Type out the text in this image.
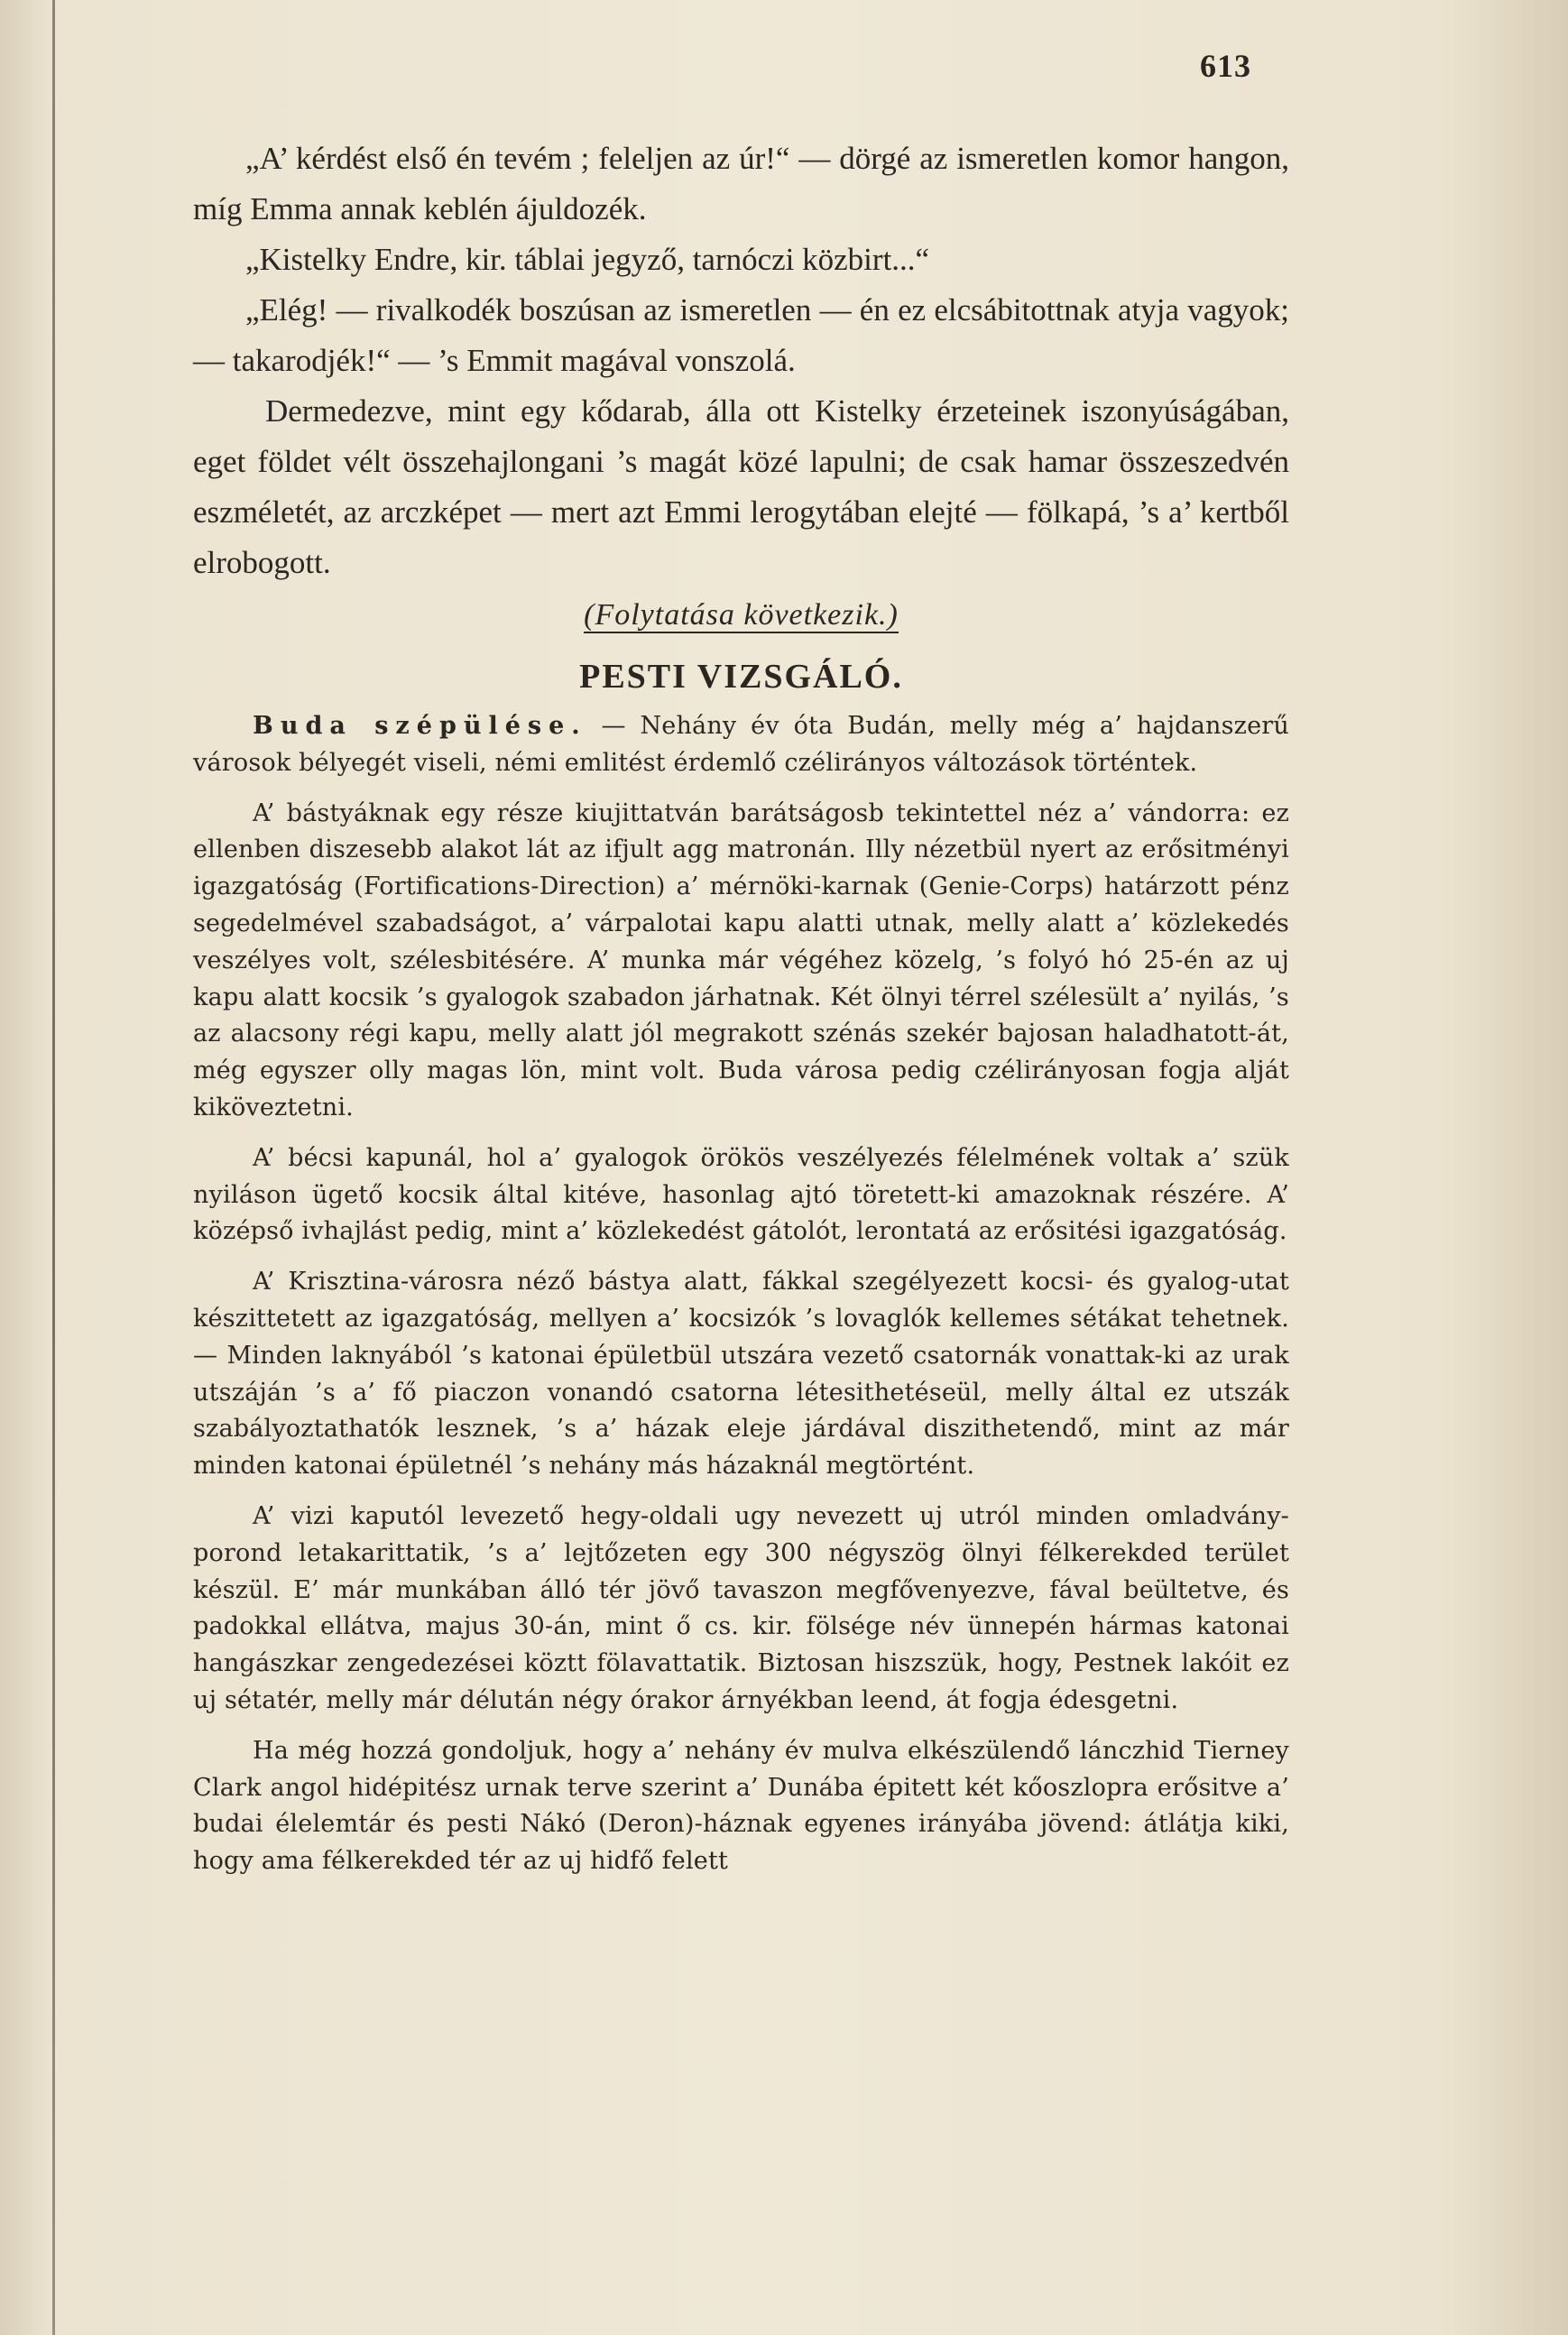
613

„A’ kérdést első én tevém ; feleljen az úr!“ — dörgé az ismeretlen komor hangon, míg Emma annak keblén ájuldozék.

„Kistelky Endre, kir. táblai jegyző, tarnóczi közbirt...“

„Elég! — rivalkodék boszúsan az ismeretlen — én ez elcsábitottnak atyja vagyok; — takarodjék!“ — ’s Emmit magával vonszolá.

Dermedezve, mint egy kődarab, álla ott Kistelky érzeteinek iszonyúságában, eget földet vélt összehajlongani ’s magát közé lapulni; de csak hamar összeszedvén eszméletét, az arczképet — mert azt Emmi lerogytában elejté — fölkapá, ’s a’ kertből elrobogott.

(Folytatása következik.)
PESTI VIZSGÁLÓ.

Buda szépülése. — Nehány év óta Budán, melly még a’ hajdanszerű városok bélyegét viseli, némi emlitést érdemlő czélirányos változások történtek.

A’ bástyáknak egy része kiujittatván barátságosb tekintettel néz a’ vándorra: ez ellenben diszesebb alakot lát az ifjult agg matronán. Illy nézetbül nyert az erősitményi igazgatóság (Fortifications-Direction) a’ mérnöki-karnak (Genie-Corps) határzott pénz segedelmével szabadságot, a’ várpalotai kapu alatti utnak, melly alatt a’ közlekedés veszélyes volt, szélesbitésére. A’ munka már végéhez közelg, ’s folyó hó 25-én az uj kapu alatt kocsik ’s gyalogok szabadon járhatnak. Két ölnyi térrel szélesült a’ nyilás, ’s az alacsony régi kapu, melly alatt jól megrakott szénás szekér bajosan haladhatott-át, még egyszer olly magas lön, mint volt. Buda városa pedig czélirányosan fogja alját kiköveztetni.

A’ bécsi kapunál, hol a’ gyalogok örökös veszélyezés félelmének voltak a’ szük nyiláson ügető kocsik által kitéve, hasonlag ajtó töretett-ki amazoknak részére. A’ középső ivhajlást pedig, mint a’ közlekedést gátolót, lerontatá az erősitési igazgatóság.

A’ Krisztina-városra néző bástya alatt, fákkal szegélyezett kocsi- és gyalog-utat készittetett az igazgatóság, mellyen a’ kocsizók ’s lovaglók kellemes sétákat tehetnek. — Minden laknyából ’s katonai épületbül utszára vezető csatornák vonattak-ki az urak utszáján ’s a’ fő piaczon vonandó csatorna létesithetéseül, melly által ez utszák szabályoztathatók lesznek, ’s a’ házak eleje járdával diszithetendő, mint az már minden katonai épületnél ’s nehány más házaknál megtörtént.

A’ vizi kaputól levezető hegy-oldali ugy nevezett uj utról minden omladvány-porond letakarittatik, ’s a’ lejtőzeten egy 300 négyszög ölnyi félkerekded terület készül. E’ már munkában álló tér jövő tavaszon megfővenyezve, fával beültetve, és padokkal ellátva, majus 30-án, mint ő cs. kir. fölsége név ünnepén hármas katonai hangászkar zengedezései köztt fölavattatik. Biztosan hiszszük, hogy, Pestnek lakóit ez uj sétatér, melly már délután négy órakor árnyékban leend, át fogja édesgetni.

Ha még hozzá gondoljuk, hogy a’ nehány év mulva elkészülendő lánczhid Tierney Clark angol hidépitész urnak terve szerint a’ Dunába épitett két kőoszlopra erősitve a’ budai élelemtár és pesti Nákó (Deron)-háznak egyenes irányába jövend: átlátja kiki, hogy ama félkerekded tér az uj hidfő felett
